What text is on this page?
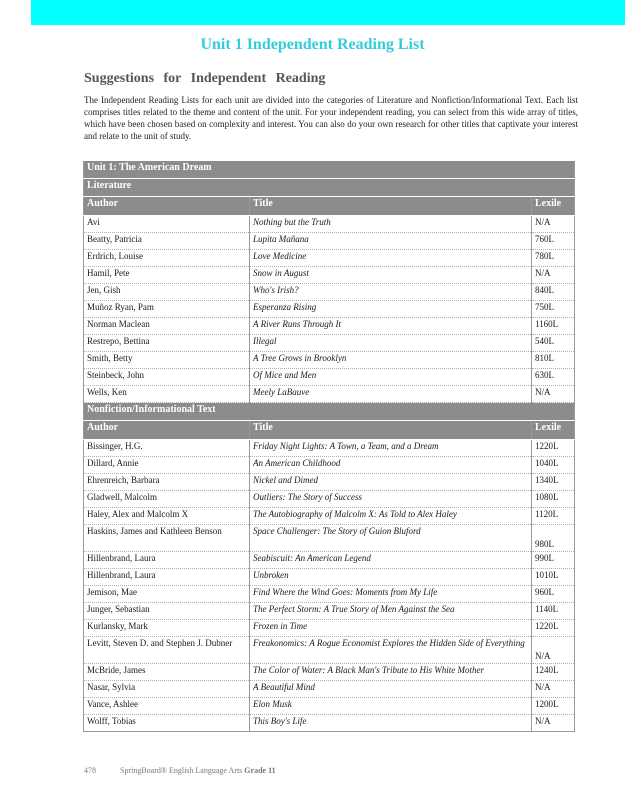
Unit 1 Independent Reading List
Suggestions for Independent Reading

The Independent Reading Lists for each unit are divided into the categories of Literature and Nonfiction/Informational Text. Each list comprises titles related to the theme and content of the unit. For your independent reading, you can select from this wide array of titles, which have been chosen based on complexity and interest. You can also do your own research for other titles that captivate your interest and relate to the unit of study.

Unit 1: The American Dream		
Literature		
Author	Title	Lexile
Avi	Nothing but the Truth	N/A
Beatty, Patricia	Lupita Mañana	760L
Erdrich, Louise	Love Medicine	780L
Hamil, Pete	Snow in August	N/A
Jen, Gish	Who's Irish?	840L
Muñoz Ryan, Pam	Esperanza Rising	750L
Norman Maclean	A River Runs Through It	1160L
Restrepo, Bettina	Illegal	540L
Smith, Betty	A Tree Grows in Brooklyn	810L
Steinbeck, John	Of Mice and Men	630L
Wells, Ken	Meely LaBauve	N/A
Nonfiction/Informational Text		
Author	Title	Lexile
Bissinger, H.G.	Friday Night Lights: A Town, a Team, and a Dream	1220L
Dillard, Annie	An American Childhood	1040L
Ehrenreich, Barbara	Nickel and Dimed	1340L
Gladwell, Malcolm	Outliers: The Story of Success	1080L
Haley, Alex and Malcolm X	The Autobiography of Malcolm X: As Told to Alex Haley	1120L
Haskins, James and Kathleen Benson	Space Challenger: The Story of Guion Bluford	980L
Hillenbrand, Laura	Seabiscuit: An American Legend	990L
Hillenbrand, Laura	Unbroken	1010L
Jemison, Mae	Find Where the Wind Goes: Moments from My Life	960L
Junger, Sebastian	The Perfect Storm: A True Story of Men Against the Sea	1140L
Kurlansky, Mark	Frozen in Time	1220L
Levitt, Steven D. and Stephen J. Dubner	Freakonomics: A Rogue Economist Explores the Hidden Side of Everything	N/A
McBride, James	The Color of Water: A Black Man's Tribute to His White Mother	1240L
Nasar, Sylvia	A Beautiful Mind	N/A
Vance, Ashlee	Elon Musk	1200L
Wolff, Tobias	This Boy's Life	N/A
478	SpringBoard® English Language Arts Grade 11
